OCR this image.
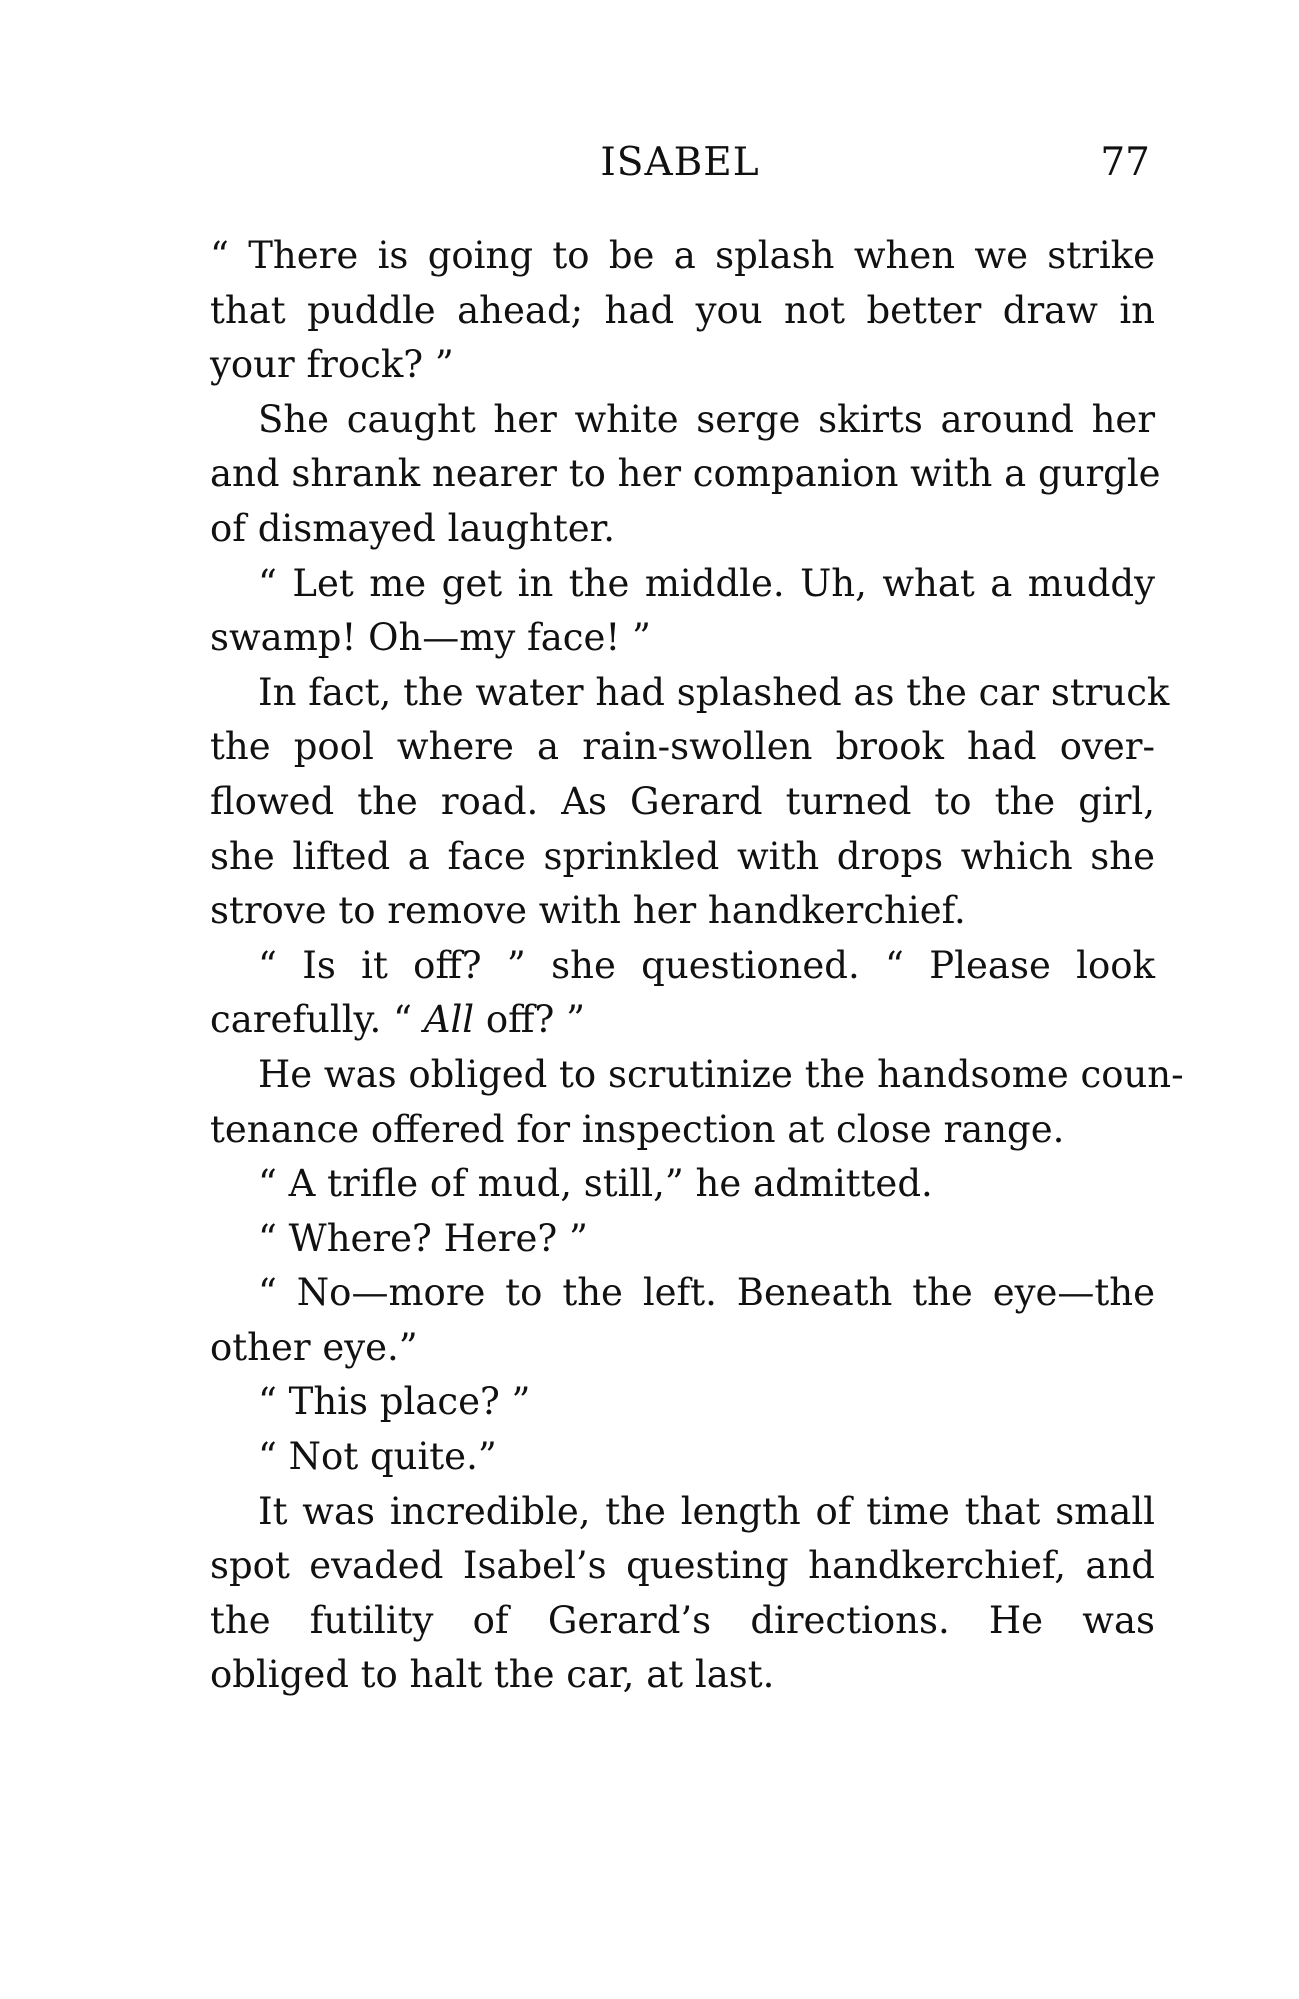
ISABEL	77
“ There is going to be a splash when we strike
that puddle ahead; had you not better draw in
your frock? ”
She caught her white serge skirts around her
and shrank nearer to her companion with a gurgle
of dismayed laughter.
“ Let me get in the middle. Uh, what a muddy
swamp! Oh—my face! ”
In fact, the water had splashed as the car struck
the pool where a rain-swollen brook had over-
flowed the road. As Gerard turned to the girl,
she lifted a face sprinkled with drops which she
strove to remove with her handkerchief.
“ Is it off? ” she questioned. “ Please look
carefully. “ All off? ”
He was obliged to scrutinize the handsome coun-
tenance offered for inspection at close range.
“ A trifle of mud, still,” he admitted.
“ Where? Here? ”
“ No—more to the left. Beneath the eye—the
other eye.”
“ This place? ”
“ Not quite.”
It was incredible, the length of time that small
spot evaded Isabel’s questing handkerchief, and
the futility of Gerard’s directions. He was
obliged to halt the car, at last.
